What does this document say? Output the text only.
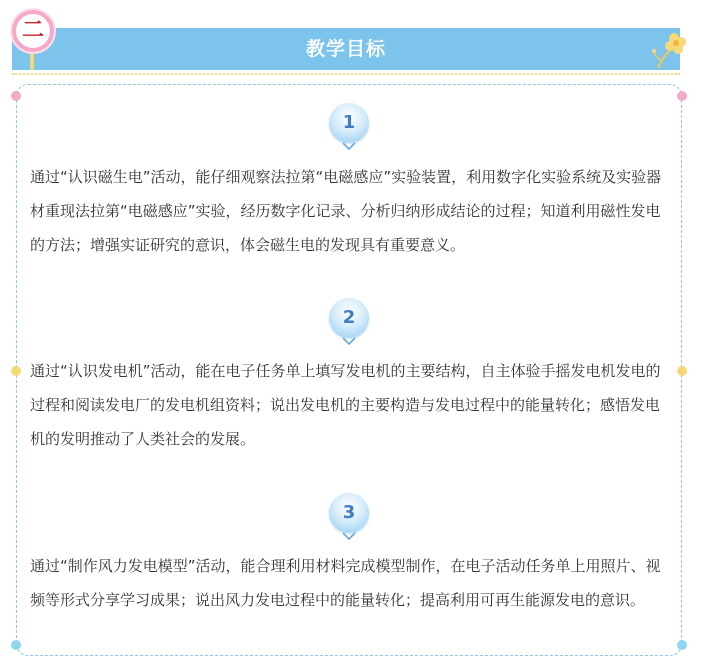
教学目标
二
1

通过“认识磁生电”活动，能仔细观察法拉第“电磁感应”实验装置，利用数字化实验系统及实验器材重现法拉第“电磁感应”实验，经历数字化记录、分析归纳形成结论的过程；知道利用磁性发电的方法；增强实证研究的意识，体会磁生电的发现具有重要意义。

2

通过“认识发电机”活动，能在电子任务单上填写发电机的主要结构，自主体验手摇发电机发电的过程和阅读发电厂的发电机组资料；说出发电机的主要构造与发电过程中的能量转化；感悟发电机的发明推动了人类社会的发展。

3

通过“制作风力发电模型”活动，能合理利用材料完成模型制作，在电子活动任务单上用照片、视频等形式分享学习成果；说出风力发电过程中的能量转化；提高利用可再生能源发电的意识。
